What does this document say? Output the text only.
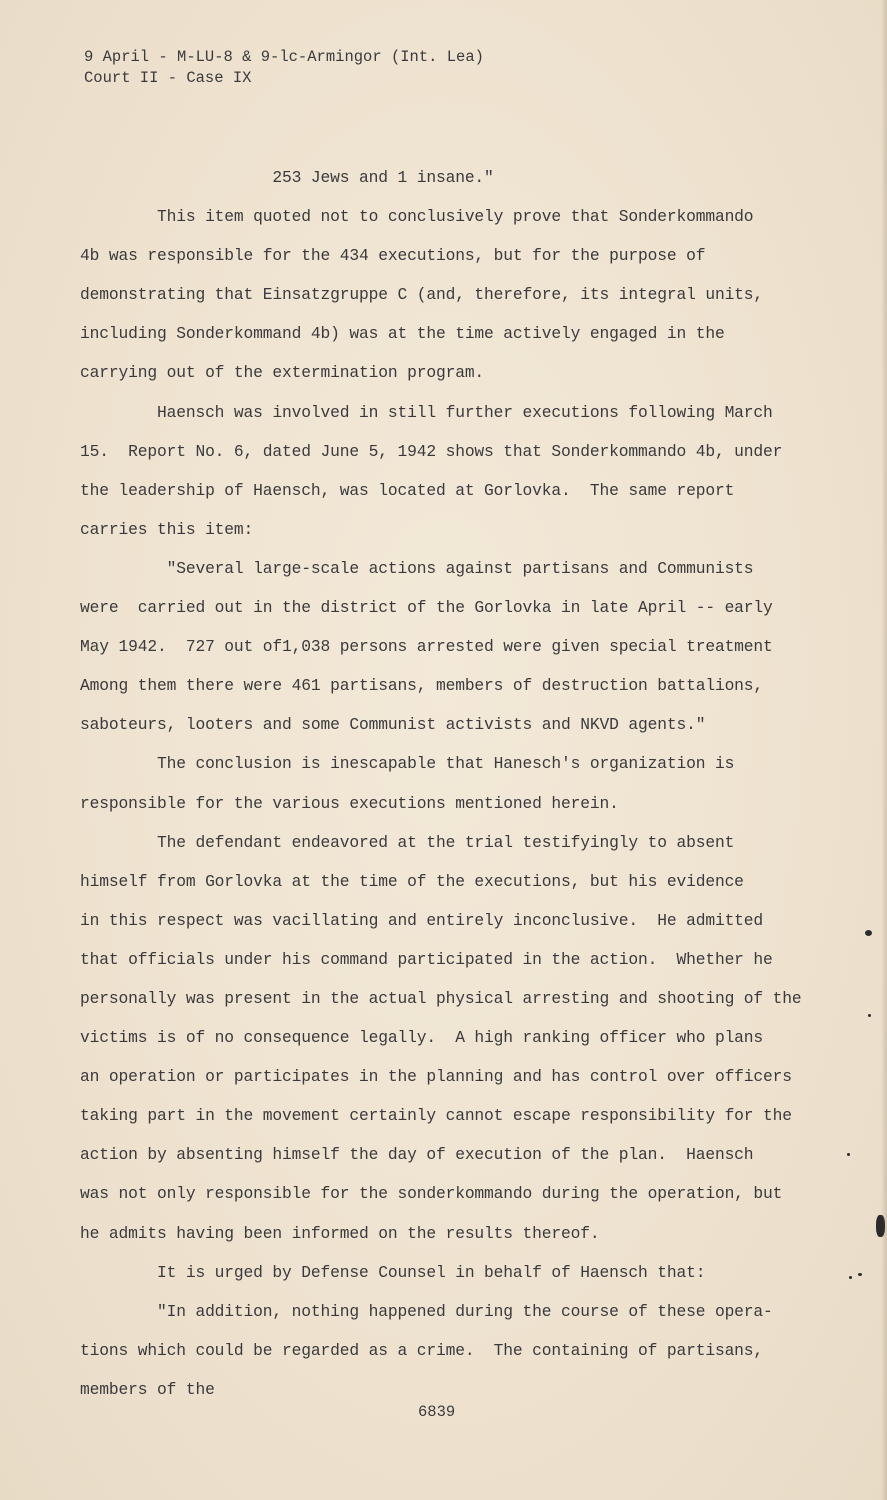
9 April - M-LU-8 & 9-lc-Armingor (Int. Lea)
Court II - Case IX
253 Jews and 1 insane."
This item quoted not to conclusively prove that Sonderkommando
4b was responsible for the 434 executions, but for the purpose of
demonstrating that Einsatzgruppe C (and, therefore, its integral units,
including Sonderkommand 4b) was at the time actively engaged in the
carrying out of the extermination program.
Haensch was involved in still further executions following March
15.  Report No. 6, dated June 5, 1942 shows that Sonderkommando 4b, under
the leadership of Haensch, was located at Gorlovka.  The same report
carries this item:
"Several large-scale actions against partisans and Communists
were  carried out in the district of the Gorlovka in late April -- early
May 1942.  727 out of1,038 persons arrested were given special treatment
Among them there were 461 partisans, members of destruction battalions,
saboteurs, looters and some Communist activists and NKVD agents."
The conclusion is inescapable that Hanesch's organization is
responsible for the various executions mentioned herein.
The defendant endeavored at the trial testifyingly to absent
himself from Gorlovka at the time of the executions, but his evidence
in this respect was vacillating and entirely inconclusive.  He admitted
that officials under his command participated in the action.  Whether he
personally was present in the actual physical arresting and shooting of the
victims is of no consequence legally.  A high ranking officer who plans
an operation or participates in the planning and has control over officers
taking part in the movement certainly cannot escape responsibility for the
action by absenting himself the day of execution of the plan.  Haensch
was not only responsible for the sonderkommando during the operation, but
he admits having been informed on the results thereof.
It is urged by Defense Counsel in behalf of Haensch that:
"In addition, nothing happened during the course of these opera-
tions which could be regarded as a crime.  The containing of partisans,
members of the
6839
